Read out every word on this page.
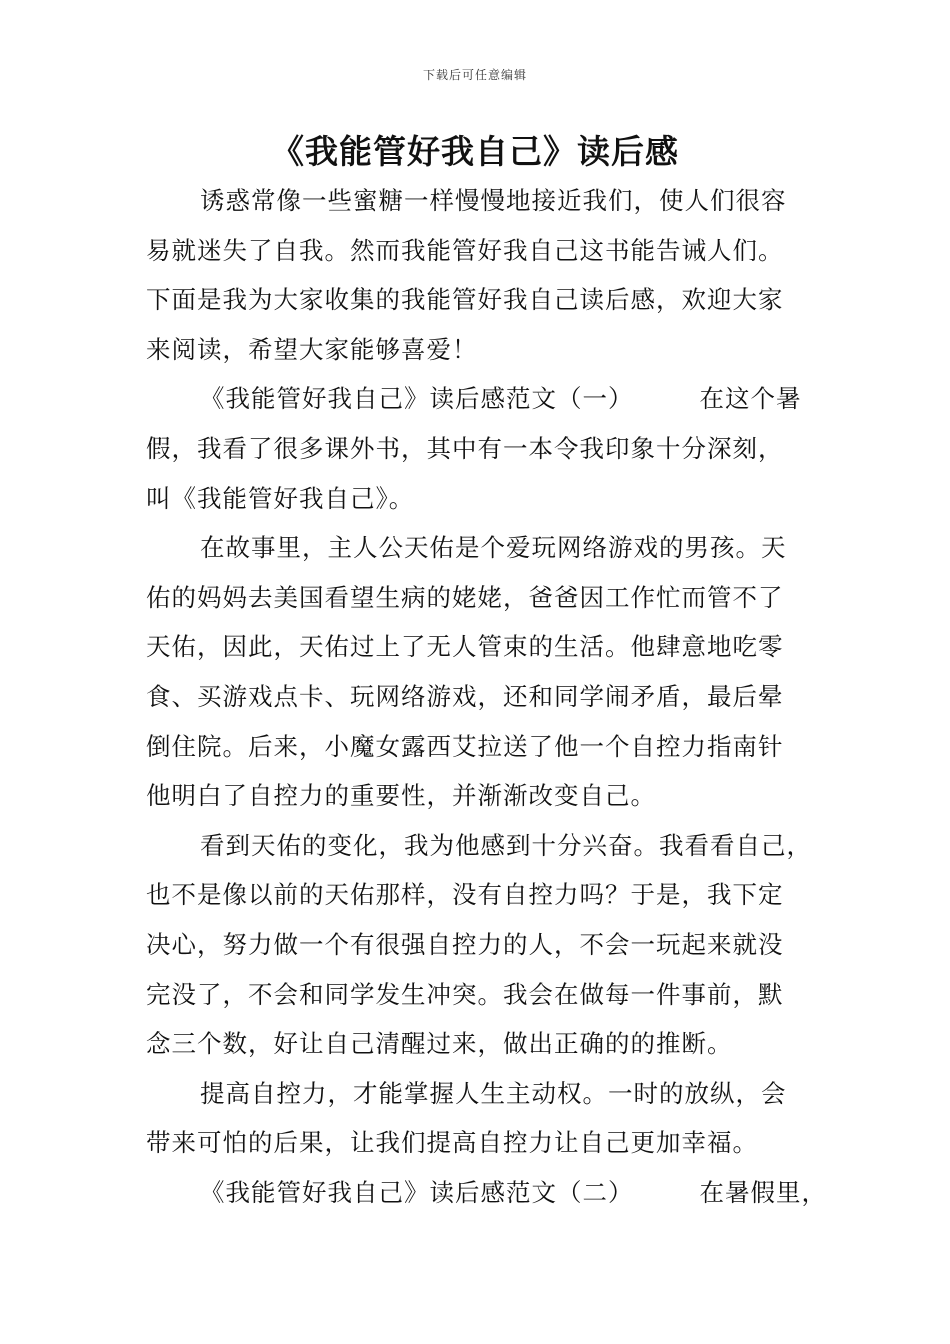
下载后可任意编辑
《我能管好我自己》读后感
诱惑常像一些蜜糖一样慢慢地接近我们，使人们很容
易就迷失了自我。然而我能管好我自己这书能告诫人们。
下面是我为大家收集的我能管好我自己读后感，欢迎大家
来阅读，希望大家能够喜爱！
《我能管好我自己》读后感范文（一）	在这个暑
假，我看了很多课外书，其中有一本令我印象十分深刻，
叫《我能管好我自己》。
在故事里，主人公天佑是个爱玩网络游戏的男孩。天
佑的妈妈去美国看望生病的姥姥，爸爸因工作忙而管不了
天佑，因此，天佑过上了无人管束的生活。他肆意地吃零
食、买游戏点卡、玩网络游戏，还和同学闹矛盾，最后晕
倒住院。后来，小魔女露西艾拉送了他一个自控力指南针
他明白了自控力的重要性，并渐渐改变自己。
看到天佑的变化，我为他感到十分兴奋。我看看自己，
也不是像以前的天佑那样，没有自控力吗？于是，我下定
决心，努力做一个有很强自控力的人，不会一玩起来就没
完没了，不会和同学发生冲突。我会在做每一件事前，默
念三个数，好让自己清醒过来，做出正确的的推断。
提高自控力，才能掌握人生主动权。一时的放纵，会
带来可怕的后果，让我们提高自控力让自己更加幸福。
《我能管好我自己》读后感范文（二）	在暑假里，
